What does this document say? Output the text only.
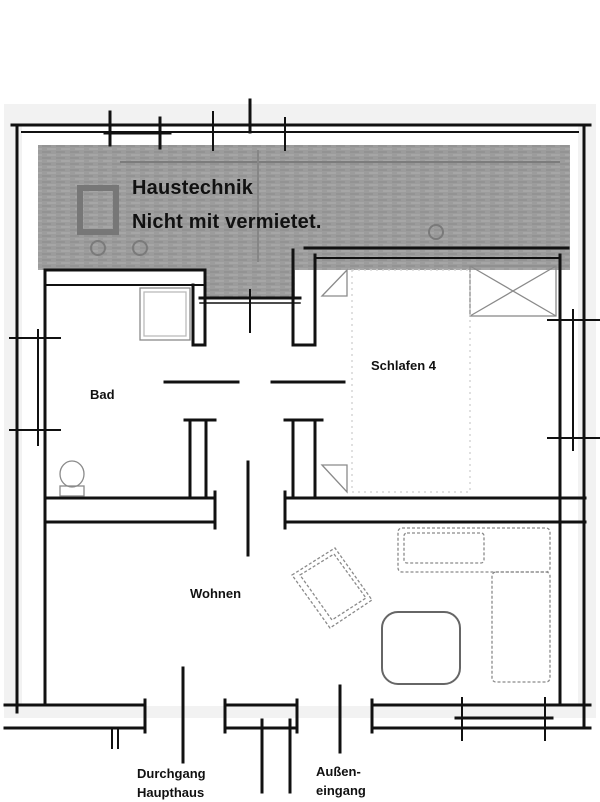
Haustechnik
Nicht mit vermietet.
Bad
Schlafen 4
Wohnen
Durchgang
Haupthaus
Außen-
eingang
